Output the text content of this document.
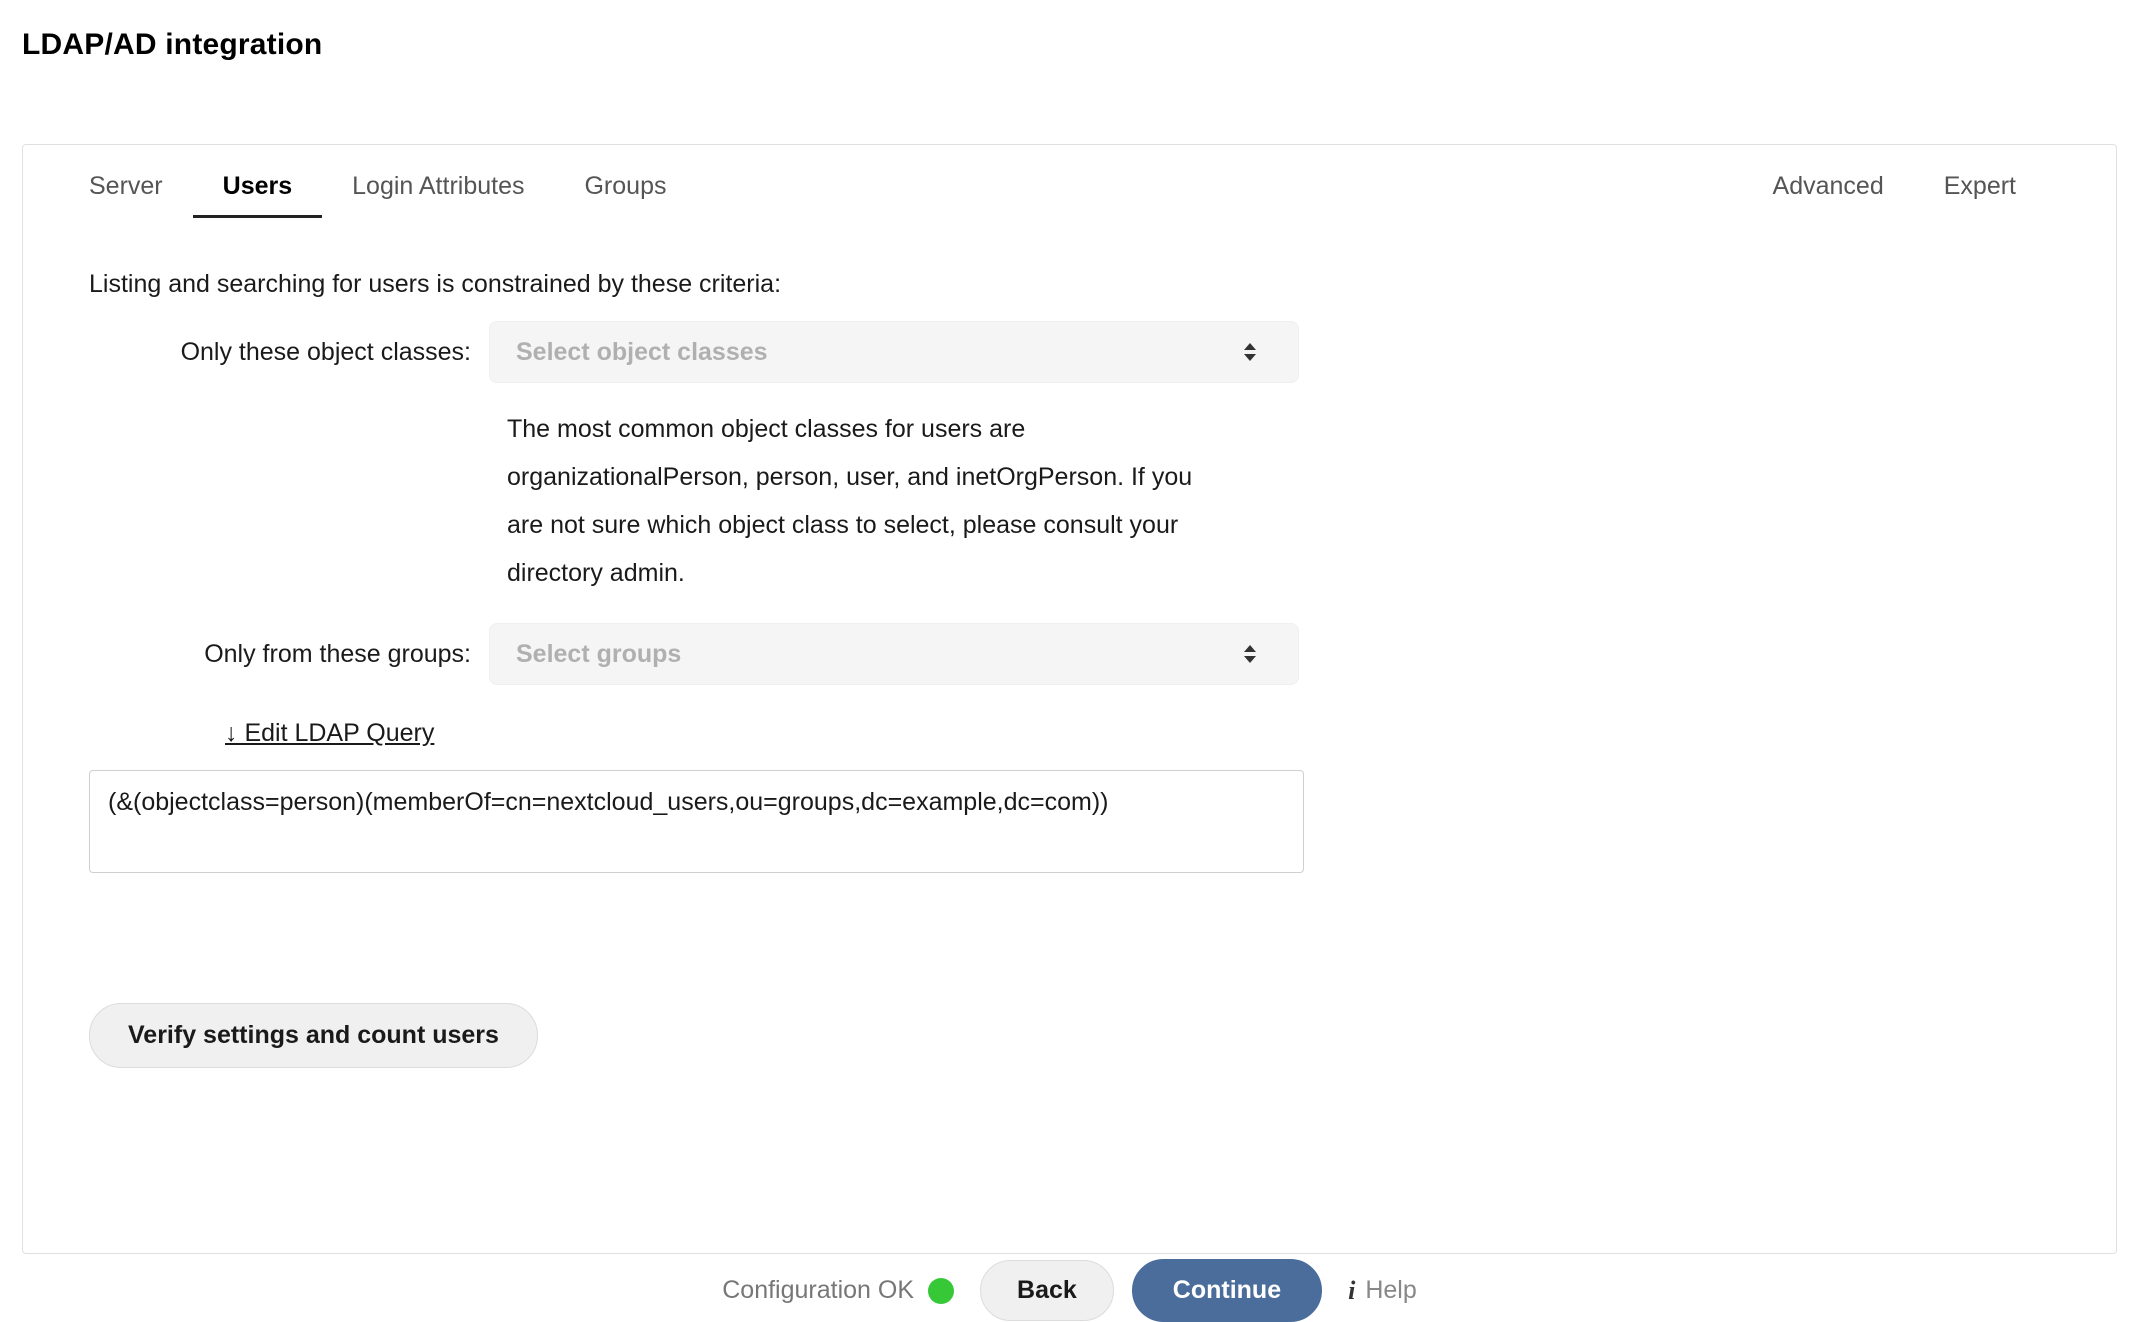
LDAP/AD integration
Server	Users	Login Attributes	Groups	Advanced	Expert
Listing and searching for users is constrained by these criteria:
Only these object classes:	Select object classes
The most common object classes for users are organizationalPerson, person, user, and inetOrgPerson. If you are not sure which object class to select, please consult your directory admin.
Only from these groups:	Select groups
↓ Edit LDAP Query
(&(objectclass=person)(memberOf=cn=nextcloud_users,ou=groups,dc=example,dc=com))
Verify settings and count users
Configuration OK	Back	Continue	i Help
